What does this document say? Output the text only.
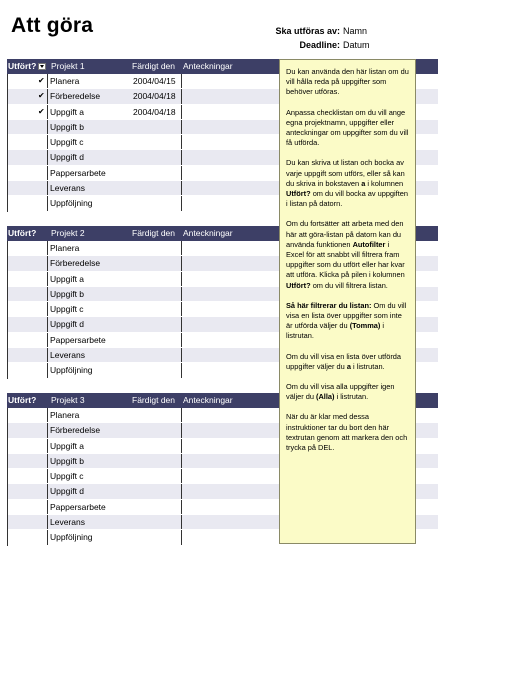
Att göra	Ska utföras av: Namn
Deadline: Datum
Utfört? Projekt 1	Färdigt den Anteckningar
✔ Planera	2004/04/15
✔ Förberedelse	2004/04/18
✔ Uppgift a	2004/04/18
Uppgift b
Uppgift c
Uppgift d
Pappersarbete
Leverans
Uppföljning
Utfört? Projekt 2	Färdigt den Anteckningar
Planera
Förberedelse
Uppgift a
Uppgift b
Uppgift c
Uppgift d
Pappersarbete
Leverans
Uppföljning
Utfört? Projekt 3	Färdigt den Anteckningar
Planera
Förberedelse
Uppgift a
Uppgift b
Uppgift c
Uppgift d
Pappersarbete
Leverans
Uppföljning

Du kan använda den här listan om du vill hålla reda på uppgifter som behöver utföras.

Anpassa checklistan om du vill ange egna projektnamn, uppgifter eller anteckningar om uppgifter som du vill få utförda.

Du kan skriva ut listan och bocka av varje uppgift som utförs, eller så kan du skriva in bokstaven a i kolumnen Utfört? om du vill bocka av uppgiften i listan på datorn.

Om du fortsätter att arbeta med den här att göra-listan på datorn kan du använda funktionen Autofilter i Excel för att snabbt vill filtrera fram uppgifter som du utfört eller har kvar att utföra. Klicka på pilen i kolumnen Utfört? om du vill filtrera listan.

Så här filtrerar du listan: Om du vill visa en lista över uppgifter som inte är utförda väljer du (Tomma) i listrutan.

Om du vill visa en lista över utförda uppgifter väljer du a i listrutan.

Om du vill visa alla uppgifter igen väljer du (Alla) i listrutan.

När du är klar med dessa instruktioner tar du bort den här textrutan genom att markera den och trycka på DEL.
